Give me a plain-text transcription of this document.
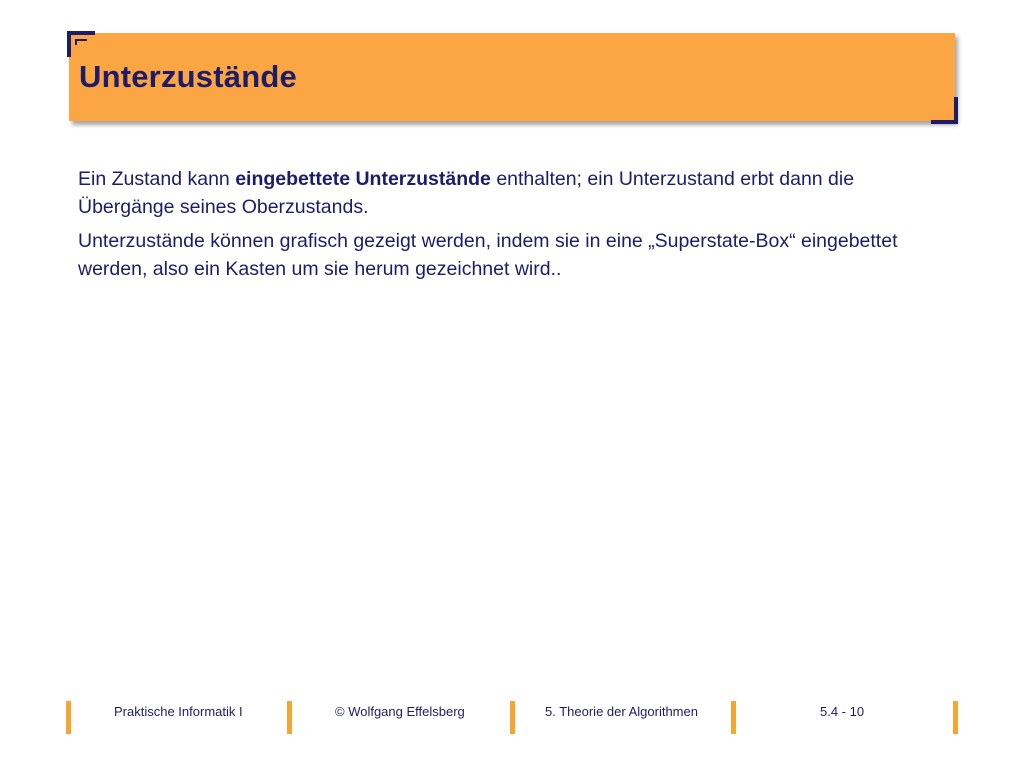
Unterzustände

Ein Zustand kann eingebettete Unterzustände enthalten; ein Unterzustand erbt dann die Übergänge seines Oberzustands.

Unterzustände können grafisch gezeigt werden, indem sie in eine „Superstate-Box“ eingebettet werden, also ein Kasten um sie herum gezeichnet wird..

Praktische Informatik I	© Wolfgang Effelsberg	5. Theorie der Algorithmen	5.4 - 10
